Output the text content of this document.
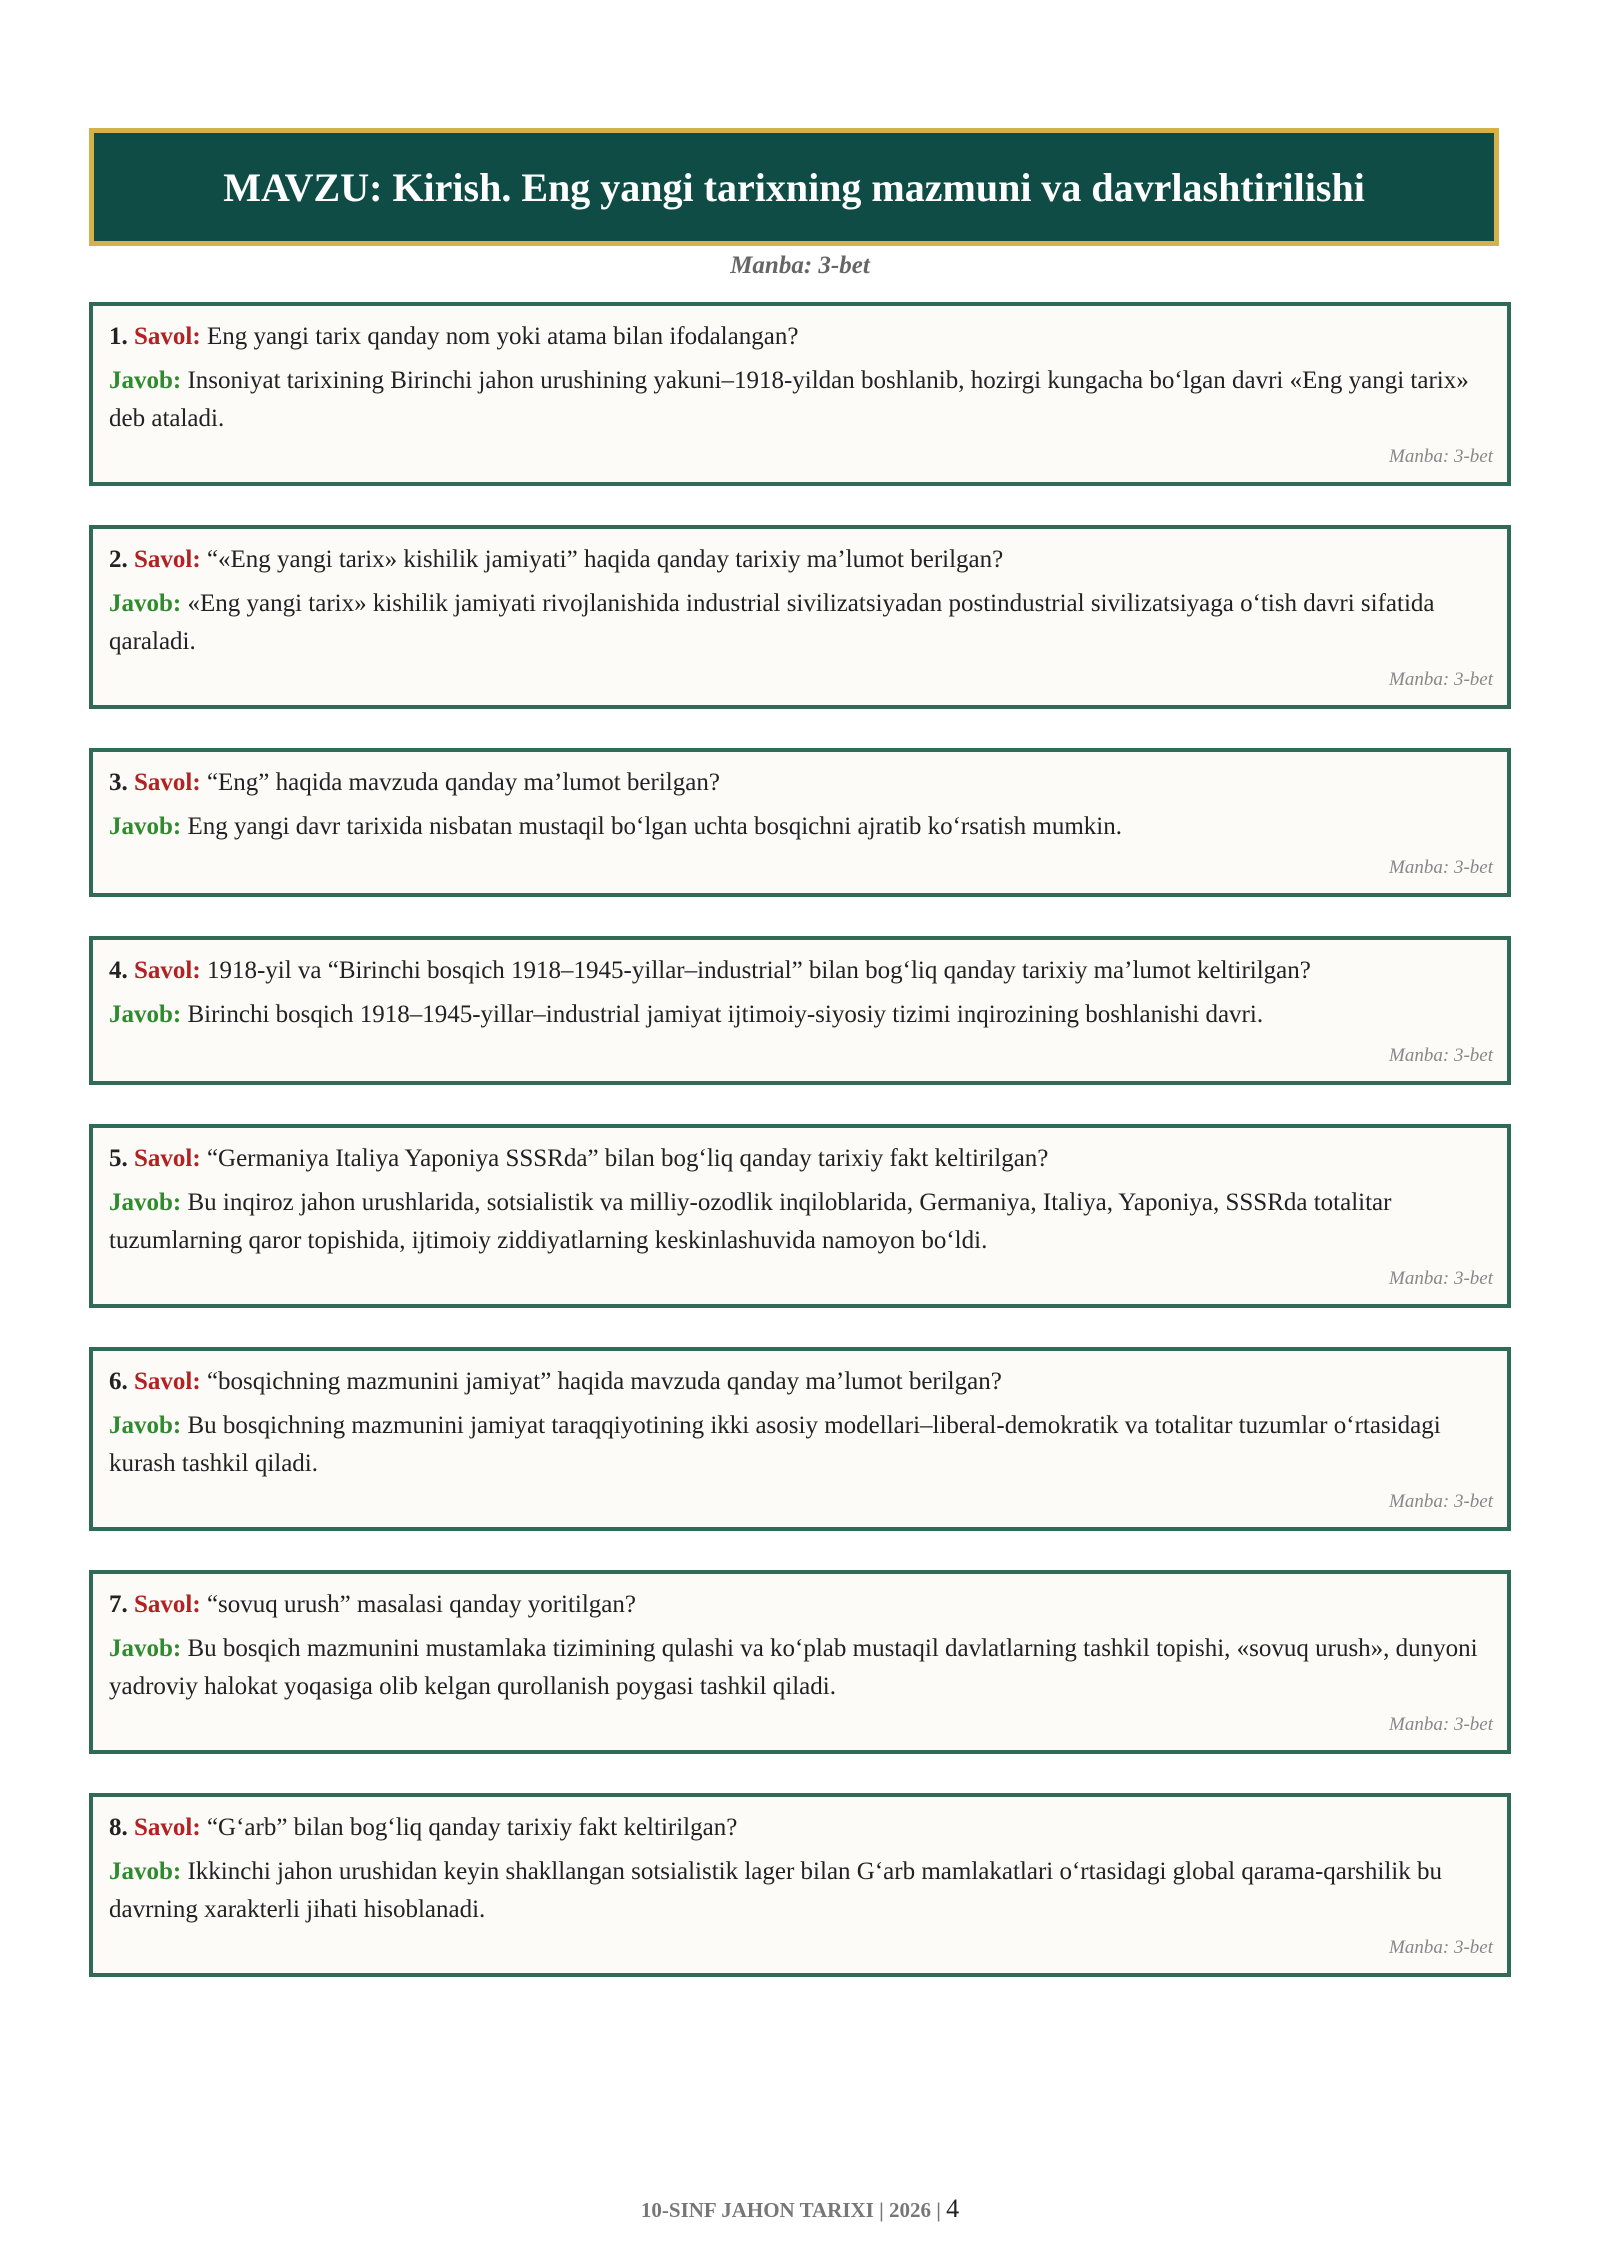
MAVZU: Kirish. Eng yangi tarixning mazmuni va davrlashtirilishi
Manba: 3-bet
1. Savol: Eng yangi tarix qanday nom yoki atama bilan ifodalangan?
Javob: Insoniyat tarixining Birinchi jahon urushining yakuni–1918-yildan boshlanib, hozirgi kungacha bo‘lgan davri «Eng yangi tarix» deb ataladi.
Manba: 3-bet
2. Savol: “«Eng yangi tarix» kishilik jamiyati” haqida qanday tarixiy ma’lumot berilgan?
Javob: «Eng yangi tarix» kishilik jamiyati rivojlanishida industrial sivilizatsiyadan postindustrial sivilizatsiyaga o‘tish davri sifatida qaraladi.
Manba: 3-bet
3. Savol: “Eng” haqida mavzuda qanday ma’lumot berilgan?
Javob: Eng yangi davr tarixida nisbatan mustaqil bo‘lgan uchta bosqichni ajratib ko‘rsatish mumkin.
Manba: 3-bet
4. Savol: 1918-yil va “Birinchi bosqich 1918–1945-yillar–industrial” bilan bog‘liq qanday tarixiy ma’lumot keltirilgan?
Javob: Birinchi bosqich 1918–1945-yillar–industrial jamiyat ijtimoiy-siyosiy tizimi inqirozining boshlanishi davri.
Manba: 3-bet
5. Savol: “Germaniya Italiya Yaponiya SSSRda” bilan bog‘liq qanday tarixiy fakt keltirilgan?
Javob: Bu inqiroz jahon urushlarida, sotsialistik va milliy-ozodlik inqiloblarida, Germaniya, Italiya, Yaponiya, SSSRda totalitar tuzumlarning qaror topishida, ijtimoiy ziddiyatlarning keskinlashuvida namoyon bo‘ldi.
Manba: 3-bet
6. Savol: “bosqichning mazmunini jamiyat” haqida mavzuda qanday ma’lumot berilgan?
Javob: Bu bosqichning mazmunini jamiyat taraqqiyotining ikki asosiy modellari–liberal-demokratik va totalitar tuzumlar o‘rtasidagi kurash tashkil qiladi.
Manba: 3-bet
7. Savol: “sovuq urush” masalasi qanday yoritilgan?
Javob: Bu bosqich mazmunini mustamlaka tizimining qulashi va ko‘plab mustaqil davlatlarning tashkil topishi, «sovuq urush», dunyoni yadroviy halokat yoqasiga olib kelgan qurollanish poygasi tashkil qiladi.
Manba: 3-bet
8. Savol: “G‘arb” bilan bog‘liq qanday tarixiy fakt keltirilgan?
Javob: Ikkinchi jahon urushidan keyin shakllangan sotsialistik lager bilan G‘arb mamlakatlari o‘rtasidagi global qarama-qarshilik bu davrning xarakterli jihati hisoblanadi.
Manba: 3-bet
10-SINF JAHON TARIXI | 2026 | 4
